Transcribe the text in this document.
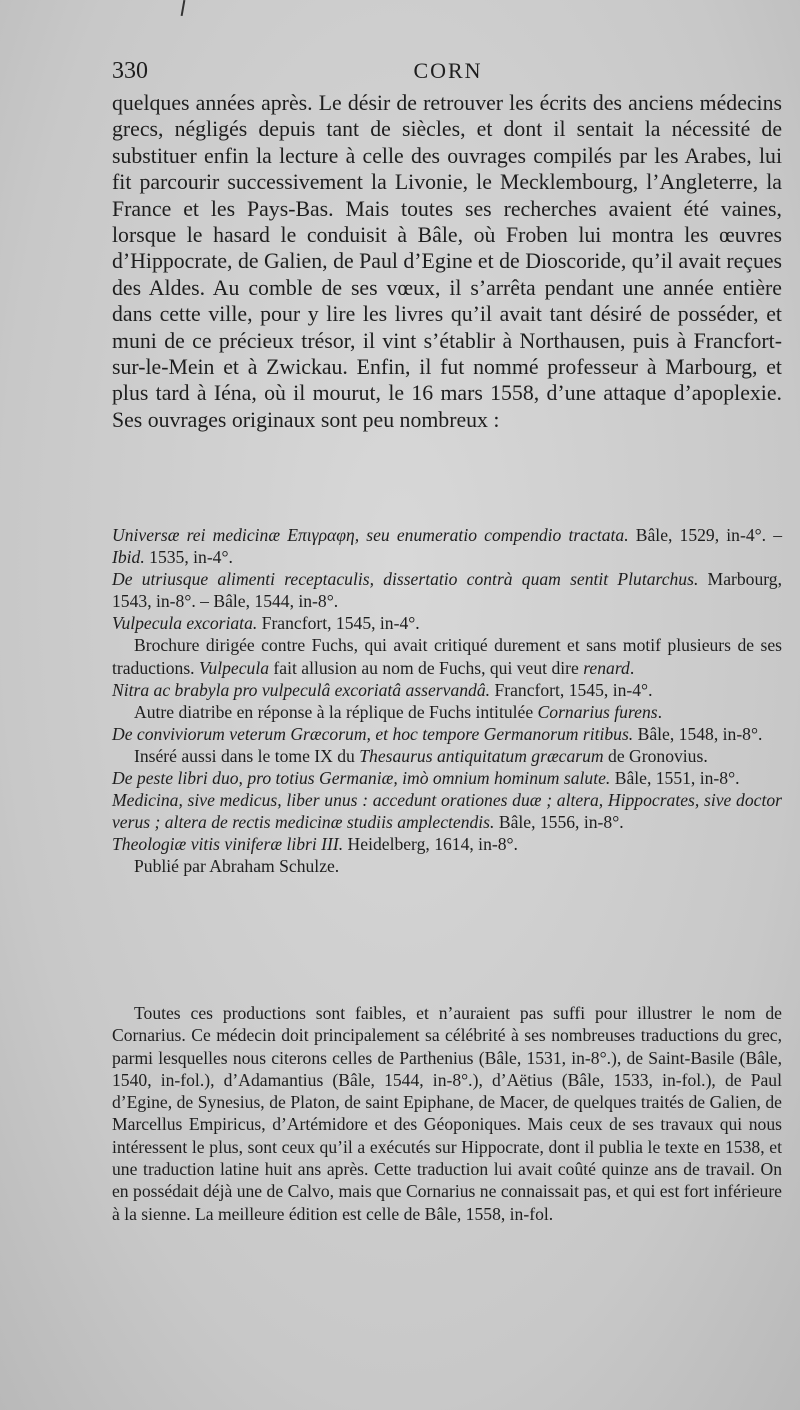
330	CORN

quelques années après. Le désir de retrouver les écrits des anciens médecins grecs, négligés depuis tant de siècles, et dont il sentait la nécessité de substituer enfin la lecture à celle des ouvrages compilés par les Arabes, lui fit parcourir successivement la Livonie, le Mecklembourg, l’Angleterre, la France et les Pays-Bas. Mais toutes ses recherches avaient été vaines, lorsque le hasard le conduisit à Bâle, où Froben lui montra les œuvres d’Hippocrate, de Galien, de Paul d’Egine et de Dioscoride, qu’il avait reçues des Aldes. Au comble de ses vœux, il s’arrêta pendant une année entière dans cette ville, pour y lire les livres qu’il avait tant désiré de posséder, et muni de ce précieux trésor, il vint s’établir à Northausen, puis à Francfort-sur-le-Mein et à Zwickau. Enfin, il fut nommé professeur à Marbourg, et plus tard à Iéna, où il mourut, le 16 mars 1558, d’une attaque d’apoplexie. Ses ouvrages originaux sont peu nombreux :

Universæ rei medicinæ Επιγραφη, seu enumeratio compendio tractata. Bâle, 1529, in-4°. – Ibid. 1535, in-4°.

De utriusque alimenti receptaculis, dissertatio contrà quam sentit Plutarchus. Marbourg, 1543, in-8°. – Bâle, 1544, in-8°.

Vulpecula excoriata. Francfort, 1545, in-4°.

Brochure dirigée contre Fuchs, qui avait critiqué durement et sans motif plusieurs de ses traductions. Vulpecula fait allusion au nom de Fuchs, qui veut dire renard.

Nitra ac brabyla pro vulpeculâ excoriatâ asservandâ. Francfort, 1545, in-4°.

Autre diatribe en réponse à la réplique de Fuchs intitulée Cornarius furens.

De conviviorum veterum Græcorum, et hoc tempore Germanorum ritibus. Bâle, 1548, in-8°.

Inséré aussi dans le tome IX du Thesaurus antiquitatum græcarum de Gronovius.

De peste libri duo, pro totius Germaniæ, imò omnium hominum salute. Bâle, 1551, in-8°.

Medicina, sive medicus, liber unus : accedunt orationes duæ ; altera, Hippocrates, sive doctor verus ; altera de rectis medicinæ studiis amplectendis. Bâle, 1556, in-8°.

Theologiæ vitis viniferæ libri III. Heidelberg, 1614, in-8°.

Publié par Abraham Schulze.

Toutes ces productions sont faibles, et n’auraient pas suffi pour illustrer le nom de Cornarius. Ce médecin doit principalement sa célébrité à ses nombreuses traductions du grec, parmi lesquelles nous citerons celles de Parthenius (Bâle, 1531, in-8°.), de Saint-Basile (Bâle, 1540, in-fol.), d’Adamantius (Bâle, 1544, in-8°.), d’Aëtius (Bâle, 1533, in-fol.), de Paul d’Egine, de Synesius, de Platon, de saint Epiphane, de Macer, de quelques traités de Galien, de Marcellus Empiricus, d’Artémidore et des Géoponiques. Mais ceux de ses travaux qui nous intéressent le plus, sont ceux qu’il a exécutés sur Hippocrate, dont il publia le texte en 1538, et une traduction latine huit ans après. Cette traduction lui avait coûté quinze ans de travail. On en possédait déjà une de Calvo, mais que Cornarius ne connaissait pas, et qui est fort inférieure à la sienne. La meilleure édition est celle de Bâle, 1558, in-fol.
